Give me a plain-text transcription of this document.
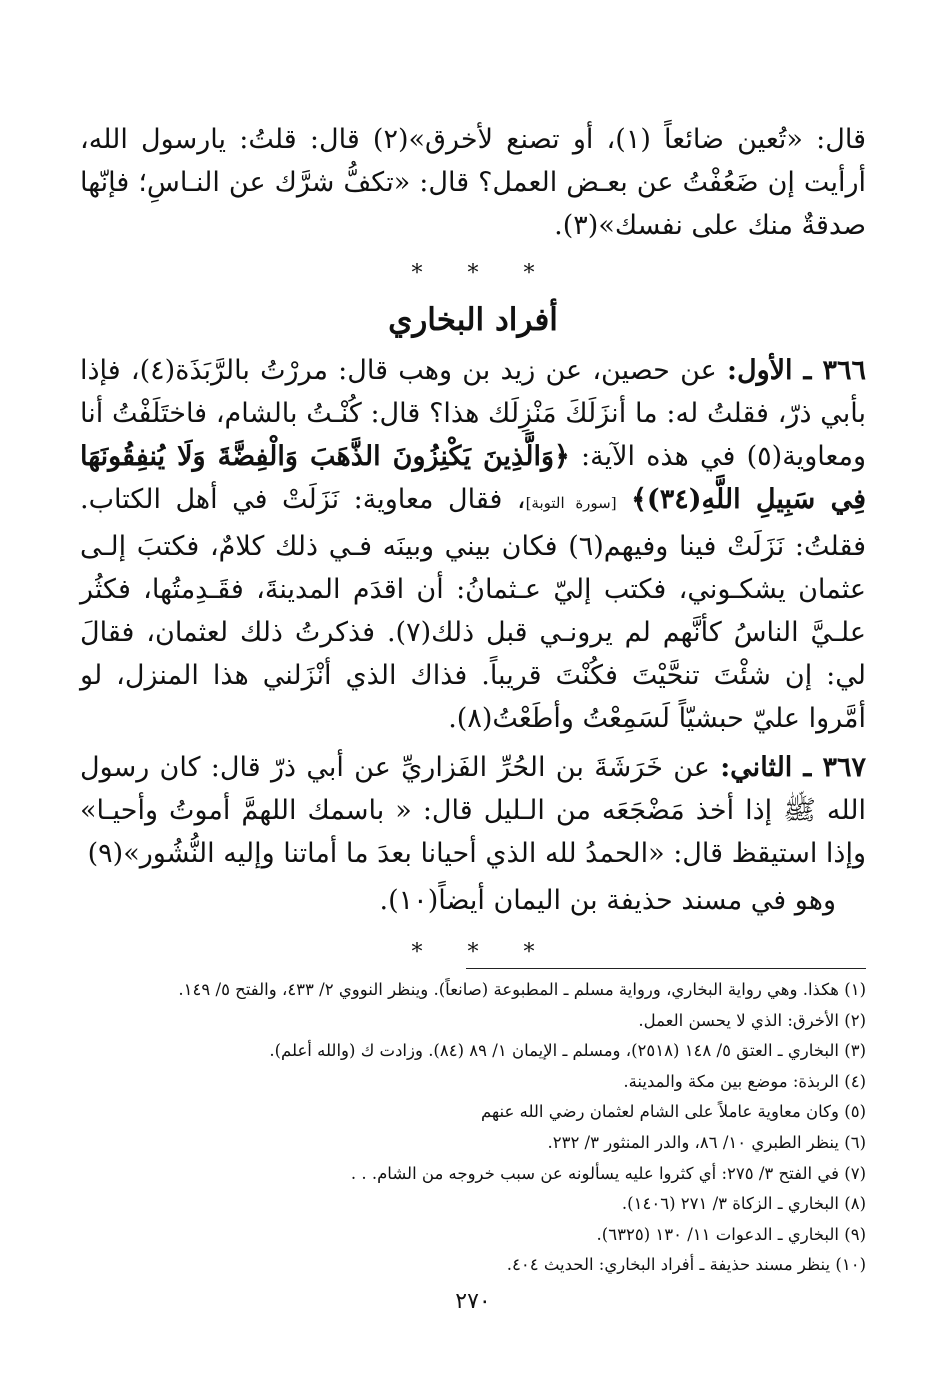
قال: «تُعين ضائعاً (١)، أو تصنع لأخرق»(٢) قال: قلتُ: يارسول الله، أرأيت إن ضَعُفْتُ عن بعـض العمل؟ قال: «تكفُّ شرَّك عن النـاسِ؛ فإنّها صدقةٌ منك على نفسك»(٣).

* * *
أفراد البخاري

٣٦٦ ـ الأول: عن حصين، عن زيد بن وهب قال: مررْتُ بالرَّبَذَة(٤)، فإذا بأبي ذرّ، فقلتُ له: ما أنزَلَكَ مَنْزِلَك هذا؟ قال: كُنْـتُ بالشام، فاختَلَفْتُ أنا ومعاوية(٥) في هذه الآية: ﴿وَالَّذِينَ يَكْنِزُونَ الذَّهَبَ وَالْفِضَّةَ وَلَا يُنفِقُونَهَا فِي سَبِيلِ اللَّهِ(٣٤)﴾ [سورة التوبة]، فقال معاوية: نَزَلَتْ في أهل الكتاب. فقلتُ: نَزَلَتْ فينا وفيهم(٦) فكان بيني وبينَه فـي ذلك كلامٌ، فكتبَ إلـى عثمان يشكـوني، فكتب إليّ عـثمانُ: أن اقدَم المدينةَ، فقَـدِمتُها، فكثُر علـيَّ الناسُ كأنَّهم لم يرونـي قبل ذلك(٧). فذكرتُ ذلك لعثمان، فقالَ لي: إن شئْتَ تنحَّيْتَ فكُنْتَ قريباً. فذاك الذي أنْزَلني هذا المنزل، لو أمَّروا عليّ حبشيّاً لَسَمِعْتُ وأطَعْتُ(٨).

٣٦٧ ـ الثاني: عن خَرَشَةَ بن الحُرِّ الفَزاريِّ عن أبي ذرّ قال: كان رسول الله ﷺ إذا أخذ مَضْجَعَه من الـليل قال: « باسمك اللهمَّ أموتُ وأحيـا» وإذا استيقظ قال: «الحمدُ لله الذي أحيانا بعدَ ما أماتنا وإليه النُّشُور»(٩)

وهو في مسند حذيفة بن اليمان أيضاً(١٠).

* * *

(١) هكذا. وهي رواية البخاري، ورواية مسلم ـ المطبوعة (صانعاً). وينظر النووي ٢/ ٤٣٣، والفتح ٥/ ١٤٩.

(٢) الأخرق: الذي لا يحسن العمل.

(٣) البخاري ـ العتق ٥/ ١٤٨ (٢٥١٨)، ومسلم ـ الإيمان ١/ ٨٩ (٨٤). وزادت ك (والله أعلم).

(٤) الربذة: موضع بين مكة والمدينة.

(٥) وكان معاوية عاملاً على الشام لعثمان رضي الله عنهم

(٦) ينظر الطبري ١٠/ ٨٦، والدر المنثور ٣/ ٢٣٢.

(٧) في الفتح ٣/ ٢٧٥: أي كثروا عليه يسألونه عن سبب خروجه من الشام. . .

(٨) البخاري ـ الزكاة ٣/ ٢٧١ (١٤٠٦).

(٩) البخاري ـ الدعوات ١١/ ١٣٠ (٦٣٢٥).

(١٠) ينظر مسند حذيفة ـ أفراد البخاري: الحديث ٤٠٤.

٢٧٠
